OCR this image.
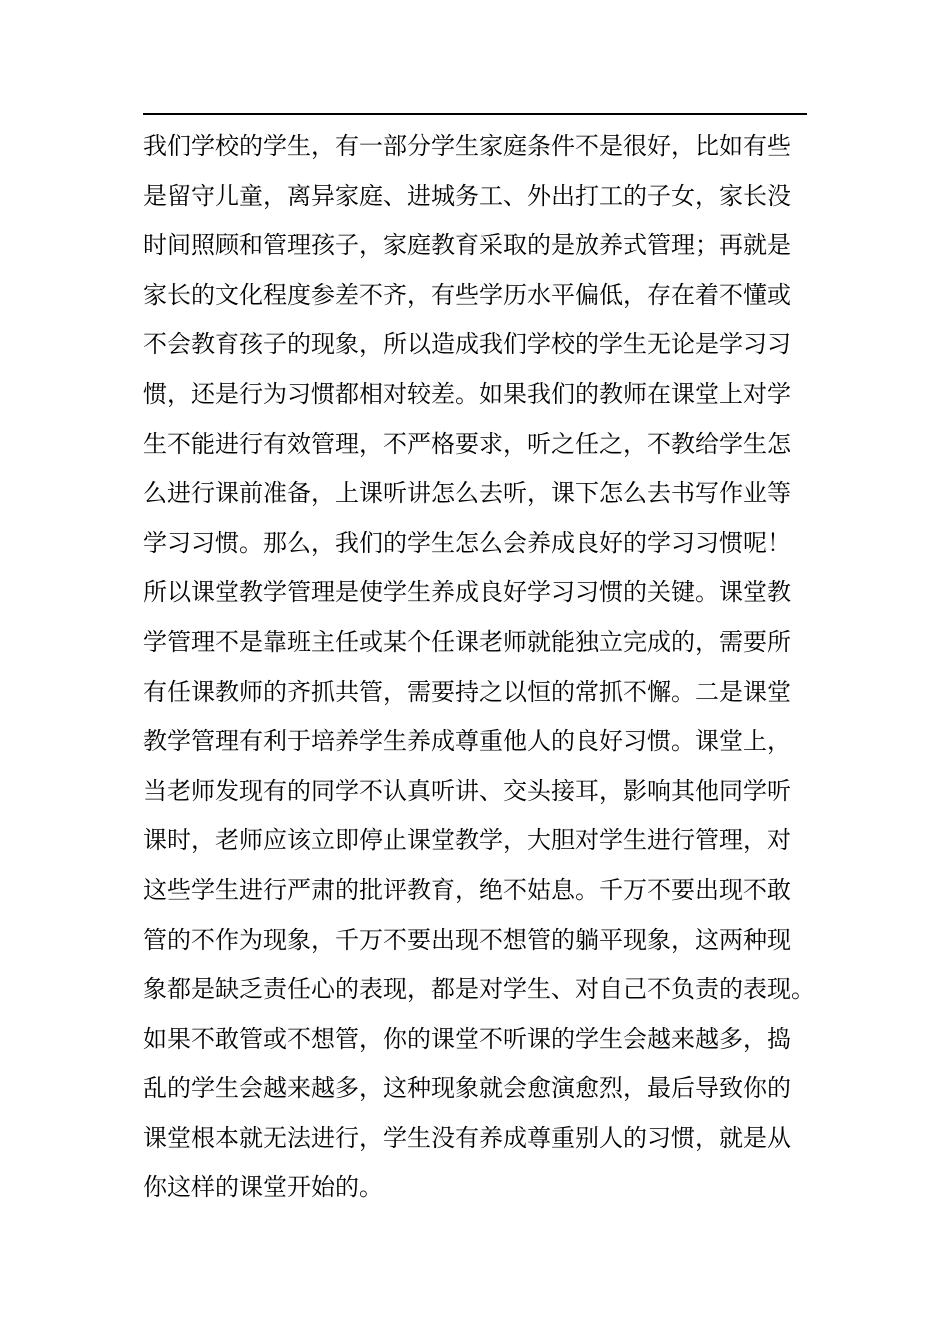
我们学校的学生，有一部分学生家庭条件不是很好，比如有些
是留守儿童，离异家庭、进城务工、外出打工的子女，家长没
时间照顾和管理孩子，家庭教育采取的是放养式管理；再就是
家长的文化程度参差不齐，有些学历水平偏低，存在着不懂或
不会教育孩子的现象，所以造成我们学校的学生无论是学习习
惯，还是行为习惯都相对较差。如果我们的教师在课堂上对学
生不能进行有效管理，不严格要求，听之任之，不教给学生怎
么进行课前准备，上课听讲怎么去听，课下怎么去书写作业等
学习习惯。那么，我们的学生怎么会养成良好的学习习惯呢！
所以课堂教学管理是使学生养成良好学习习惯的关键。课堂教
学管理不是靠班主任或某个任课老师就能独立完成的，需要所
有任课教师的齐抓共管，需要持之以恒的常抓不懈。二是课堂
教学管理有利于培养学生养成尊重他人的良好习惯。课堂上，
当老师发现有的同学不认真听讲、交头接耳，影响其他同学听
课时，老师应该立即停止课堂教学，大胆对学生进行管理，对
这些学生进行严肃的批评教育，绝不姑息。千万不要出现不敢
管的不作为现象，千万不要出现不想管的躺平现象，这两种现
象都是缺乏责任心的表现，都是对学生、对自己不负责的表现。
如果不敢管或不想管，你的课堂不听课的学生会越来越多，捣
乱的学生会越来越多，这种现象就会愈演愈烈，最后导致你的
课堂根本就无法进行，学生没有养成尊重别人的习惯，就是从
你这样的课堂开始的。
